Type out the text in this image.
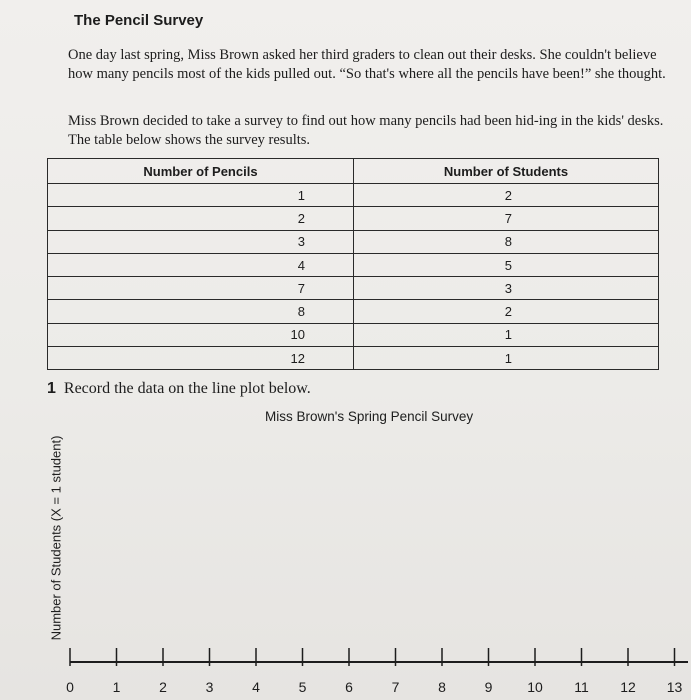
The Pencil Survey

One day last spring, Miss Brown asked her third graders to clean out their desks. She couldn't believe how many pencils most of the kids pulled out. “So that's where all the pencils have been!” she thought.

Miss Brown decided to take a survey to find out how many pencils had been hid-ing in the kids' desks. The table below shows the survey results.

Number of Pencils	Number of Students
1	2
2	7
3	8
4	5
7	3
8	2
10	1
12	1
1 Record the data on the line plot below.
Miss Brown's Spring Pencil Survey
Number of Students (X = 1 student)
0	1	2	3	4	5	6	7	8	9 10 11 12 13
